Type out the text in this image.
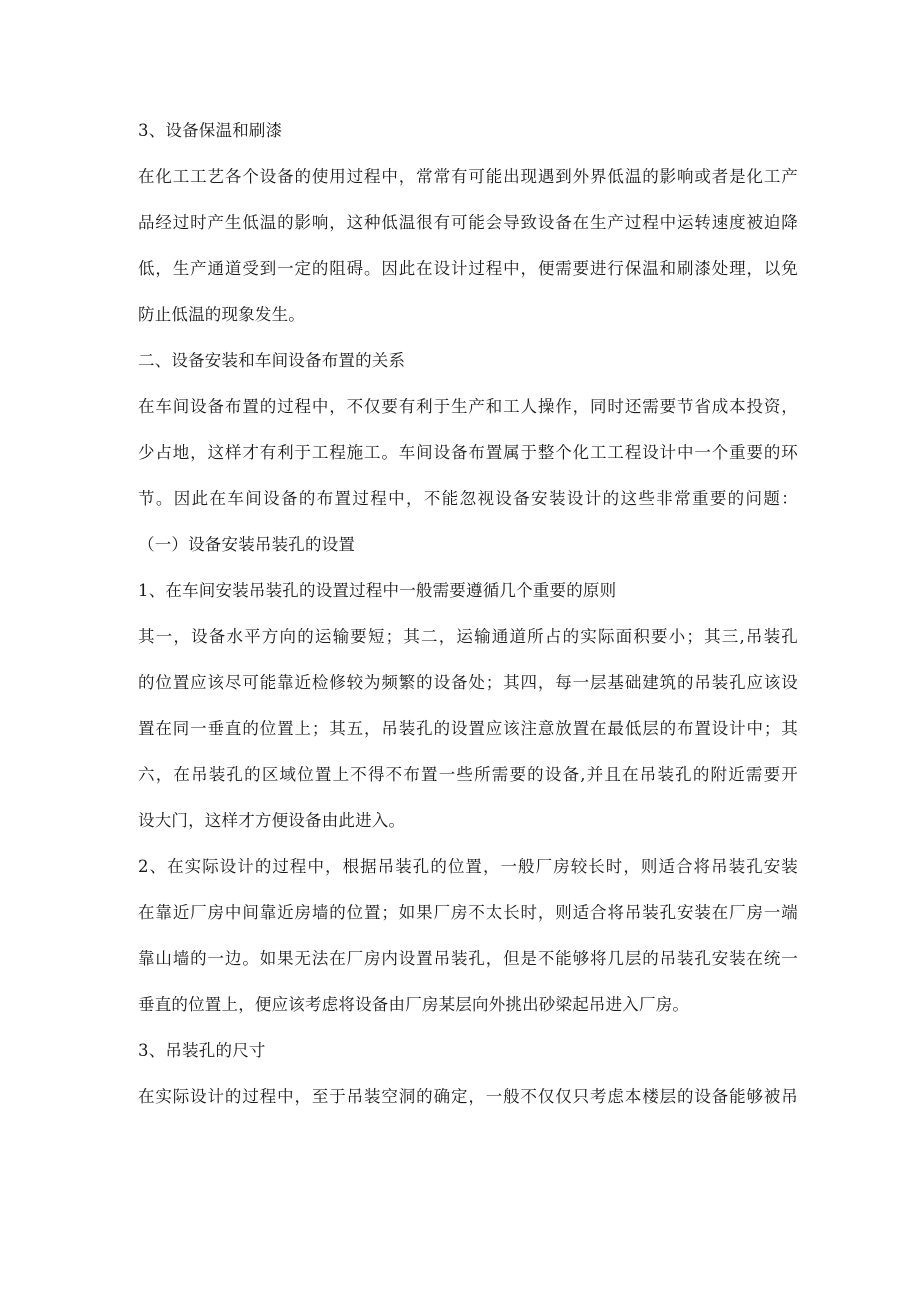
3、设备保温和刷漆
在化工工艺各个设备的使用过程中，常常有可能出现遇到外界低温的影响或者是化工产
品经过时产生低温的影响，这种低温很有可能会导致设备在生产过程中运转速度被迫降
低，生产通道受到一定的阻碍。因此在设计过程中，便需要进行保温和刷漆处理，以免
防止低温的现象发生。
二、设备安装和车间设备布置的关系
在车间设备布置的过程中，不仅要有利于生产和工人操作，同时还需要节省成本投资，
少占地，这样才有利于工程施工。车间设备布置属于整个化工工程设计中一个重要的环
节。因此在车间设备的布置过程中，不能忽视设备安装设计的这些非常重要的问题：
（一）设备安装吊装孔的设置
1、在车间安装吊装孔的设置过程中一般需要遵循几个重要的原则
其一，设备水平方向的运输要短；其二，运输通道所占的实际面积要小；其三,吊装孔
的位置应该尽可能靠近检修较为频繁的设备处；其四，每一层基础建筑的吊装孔应该设
置在同一垂直的位置上；其五，吊装孔的设置应该注意放置在最低层的布置设计中；其
六，在吊装孔的区域位置上不得不布置一些所需要的设备,并且在吊装孔的附近需要开
设大门，这样才方便设备由此进入。
2、在实际设计的过程中，根据吊装孔的位置，一般厂房较长时，则适合将吊装孔安装
在靠近厂房中间靠近房墙的位置；如果厂房不太长时，则适合将吊装孔安装在厂房一端
靠山墙的一边。如果无法在厂房内设置吊装孔，但是不能够将几层的吊装孔安装在统一
垂直的位置上，便应该考虑将设备由厂房某层向外挑出砂梁起吊进入厂房。
3、吊装孔的尺寸
在实际设计的过程中，至于吊装空洞的确定，一般不仅仅只考虑本楼层的设备能够被吊
